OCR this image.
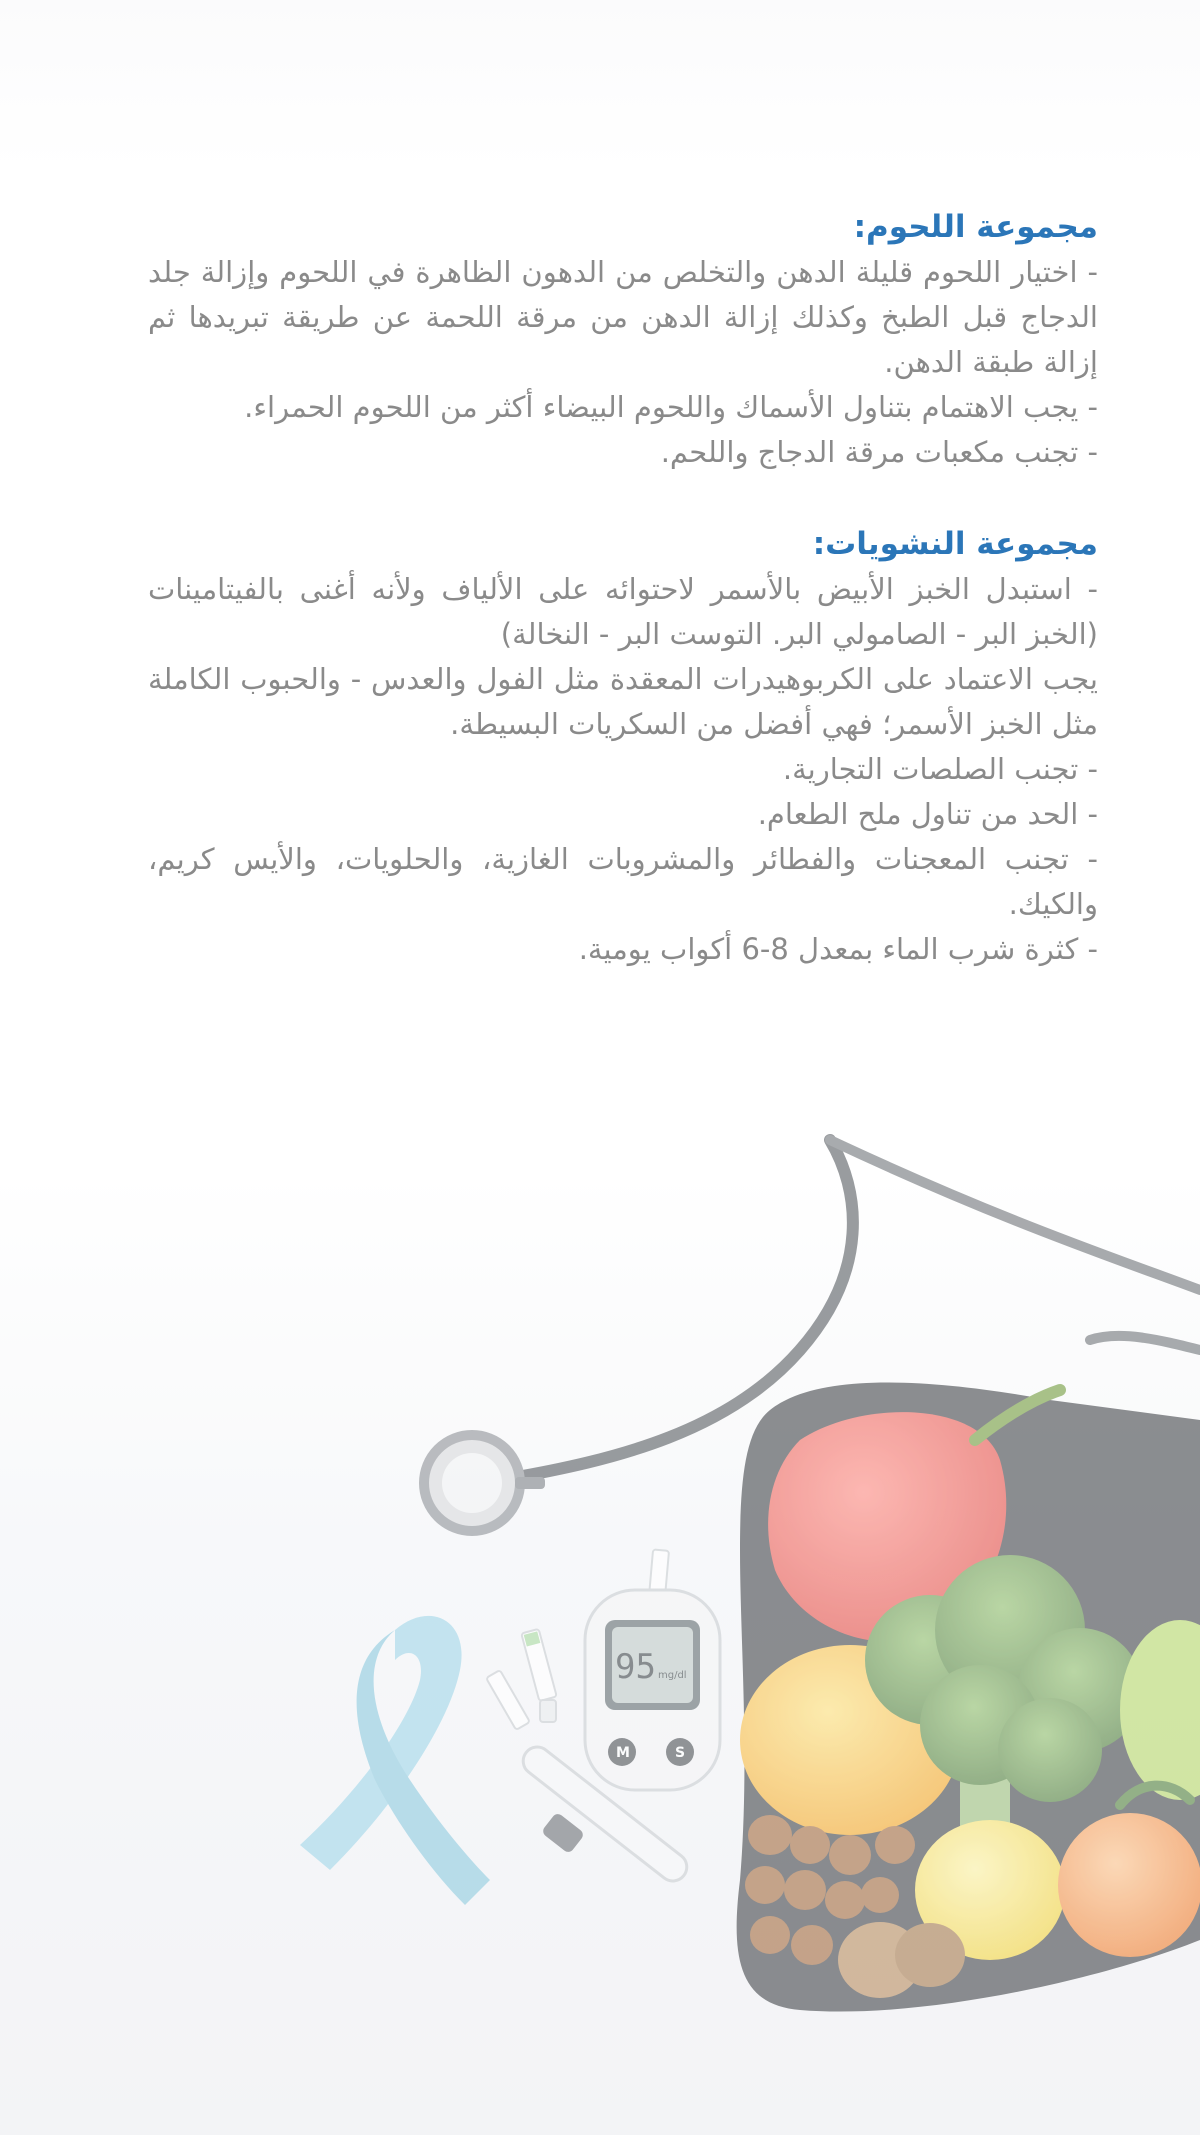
مجموعة اللحوم:

- اختيار اللحوم قليلة الدهن والتخلص من الدهون الظاهرة في اللحوم وإزالة جلد الدجاج قبل الطبخ وكذلك إزالة الدهن من مرقة اللحمة عن طريقة تبريدها ثم إزالة طبقة الدهن.

- يجب الاهتمام بتناول الأسماك واللحوم البيضاء أكثر من اللحوم الحمراء.

- تجنب مكعبات مرقة الدجاج واللحم.

مجموعة النشويات:

- استبدل الخبز الأبيض بالأسمر لاحتوائه على الألياف ولأنه أغنى بالفيتامينات (الخبز البر - الصامولي البر. التوست البر - النخالة)

يجب الاعتماد على الكربوهيدرات المعقدة مثل الفول والعدس - والحبوب الكاملة مثل الخبز الأسمر؛ فهي أفضل من السكريات البسيطة.

- تجنب الصلصات التجارية.

- الحد من تناول ملح الطعام.

- تجنب المعجنات والفطائر والمشروبات الغازية، والحلويات، والأيس كريم، والكيك.

- كثرة شرب الماء بمعدل 8-6 أكواب يومية.

95 mg/dl
M	S
